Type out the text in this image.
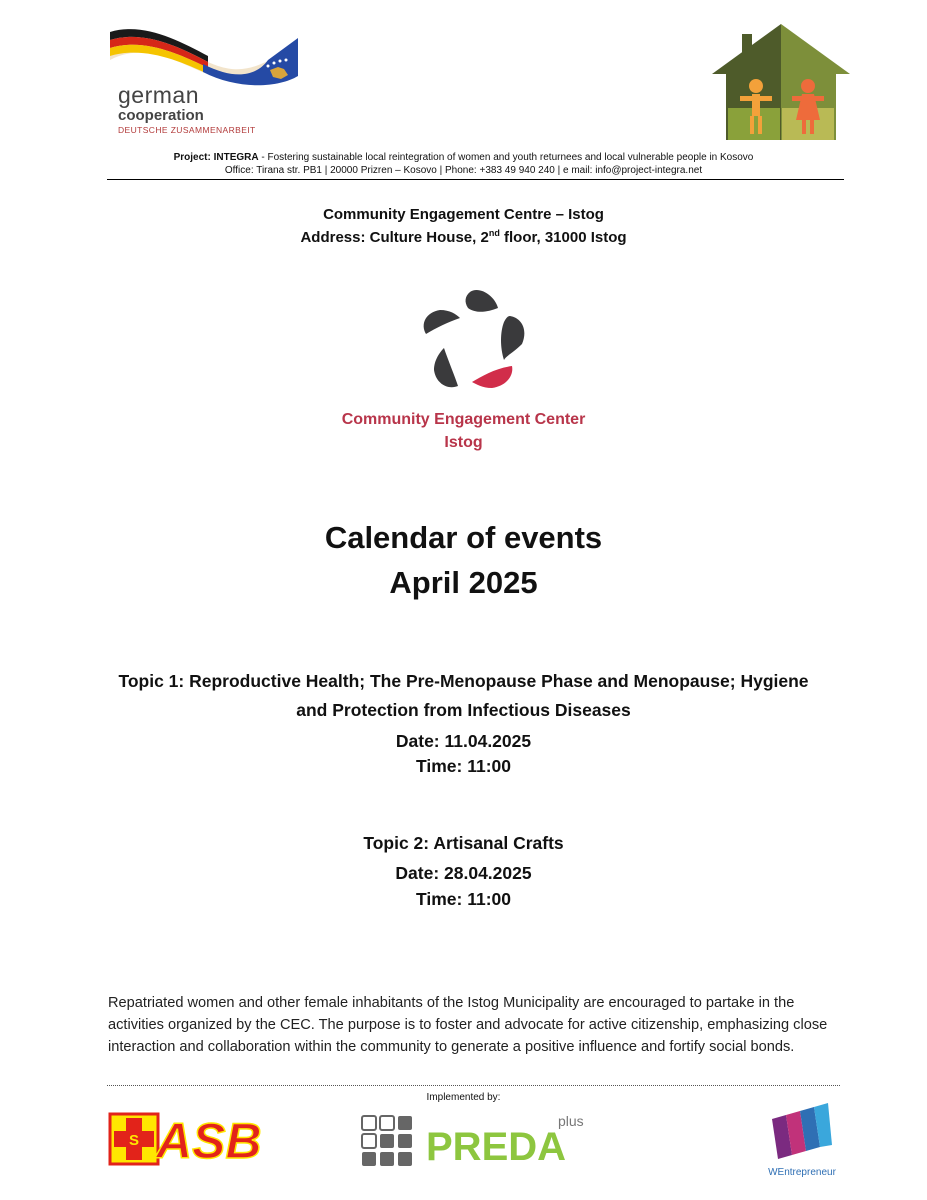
german
cooperation
DEUTSCHE ZUSAMMENARBEIT
Project: INTEGRA - Fostering sustainable local reintegration of women and youth returnees and local vulnerable people in Kosovo
Office: Tirana str. PB1 | 20000 Prizren – Kosovo | Phone: +383 49 940 240 | e mail: info@project-integra.net
Community Engagement Centre – Istog
Address: Culture House, 2nd floor, 31000 Istog
Community Engagement Center
Istog
Calendar of events
April 2025
Topic 1: Reproductive Health; The Pre-Menopause Phase and Menopause; Hygiene
and Protection from Infectious Diseases
Date: 11.04.2025
Time: 11:00
Topic 2: Artisanal Crafts
Date: 28.04.2025
Time: 11:00
Repatriated women and other female inhabitants of the Istog Municipality are encouraged to partake in the activities organized by the CEC. The purpose is to foster and advocate for active citizenship, emphasizing close interaction and collaboration within the community to generate a positive influence and fortify social bonds.
Implemented by:
S ASB	PREDA
plus
WEntrepreneur
